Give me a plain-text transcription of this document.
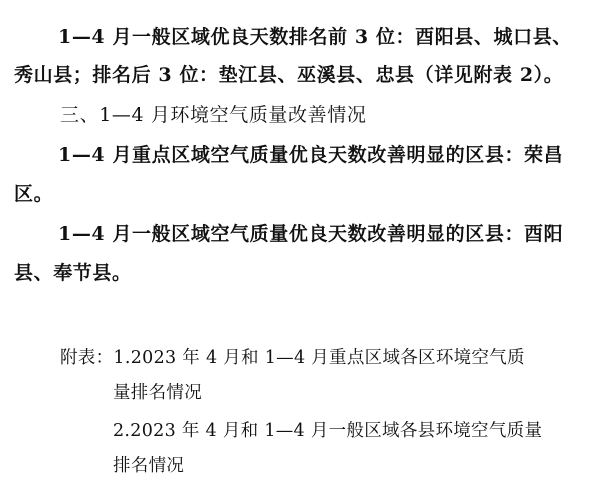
1—4 月一般区域优良天数排名前 3 位：酉阳县、城口县、
秀山县；排名后 3 位：垫江县、巫溪县、忠县（详见附表 2）。
三、1—4 月环境空气质量改善情况
1—4 月重点区域空气质量优良天数改善明显的区县：荣昌
区。
1—4 月一般区域空气质量优良天数改善明显的区县：酉阳
县、奉节县。
附表：1.2023 年 4 月和 1—4 月重点区域各区环境空气质
量排名情况
2.2023 年 4 月和 1—4 月一般区域各县环境空气质量
排名情况
